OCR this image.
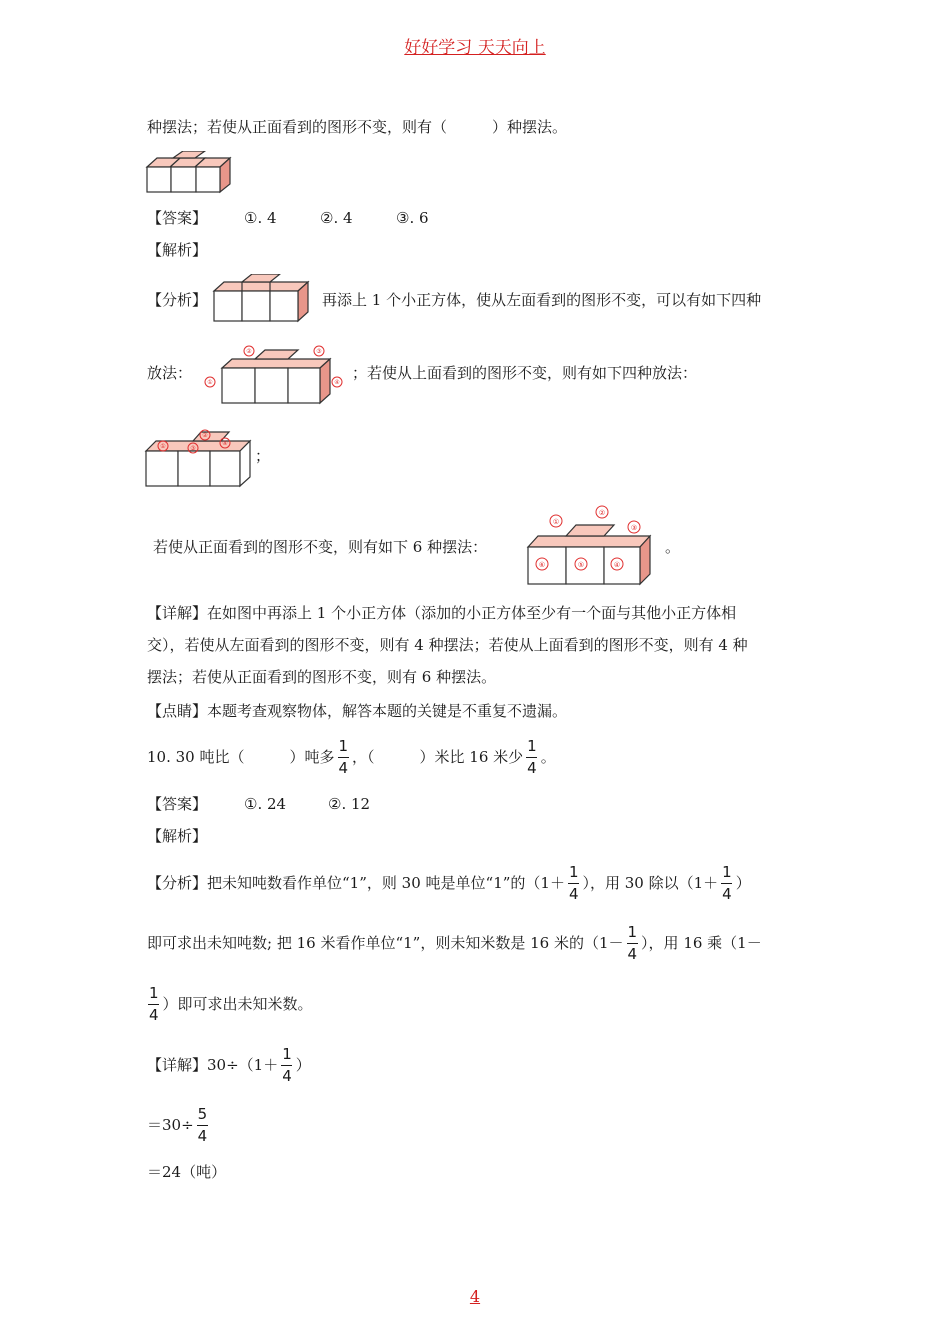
好好学习 天天向上
种摆法；若使从正面看到的图形不变，则有（　　　）种摆法。
【答案】 ①. 4	②. 4	③. 6
【解析】
【分析】	再添上 1 个小正方体，使从左面看到的图形不变，可以有如下四种
放法：
①
②	③
④
；若使从上面看到的图形不变，则有如下四种放法：
①
②
③
④
；
若使从正面看到的图形不变，则有如下 6 种摆法：
①
②
③
⑥	⑤	④
。
【详解】在如图中再添上 1 个小正方体（添加的小正方体至少有一个面与其他小正方体相
交），若使从左面看到的图形不变，则有 4 种摆法；若使从上面看到的图形不变，则有 4 种
摆法；若使从正面看到的图形不变，则有 6 种摆法。
【点睛】本题考查观察物体，解答本题的关键是不重复不遗漏。
10. 30 吨比（　　　）吨多 $\frac{1}{4}$ ，（　　　）米比 16 米少 $\frac{1}{4}$ 。
【答案】 ①. 24	②. 12
【解析】
【分析】 把未知吨数看作单位“1”，则 30 吨是单位“1”的（$1+ \frac{1}{4}$ ），用 30 除以（$1+ \frac{1}{4}$ ）
即可求出未知吨数; 把 16 米看作单位“1”，则未知米数是 16 米的（$1- \frac{1}{4}$ ），用 16 乘（1－
$\frac{1}{4}$ ）即可求出未知米数。
【详解】 $30\div(1+ \frac{1}{4}$ ）
$=30\div \frac{5}{4}$
＝24（吨）
4
